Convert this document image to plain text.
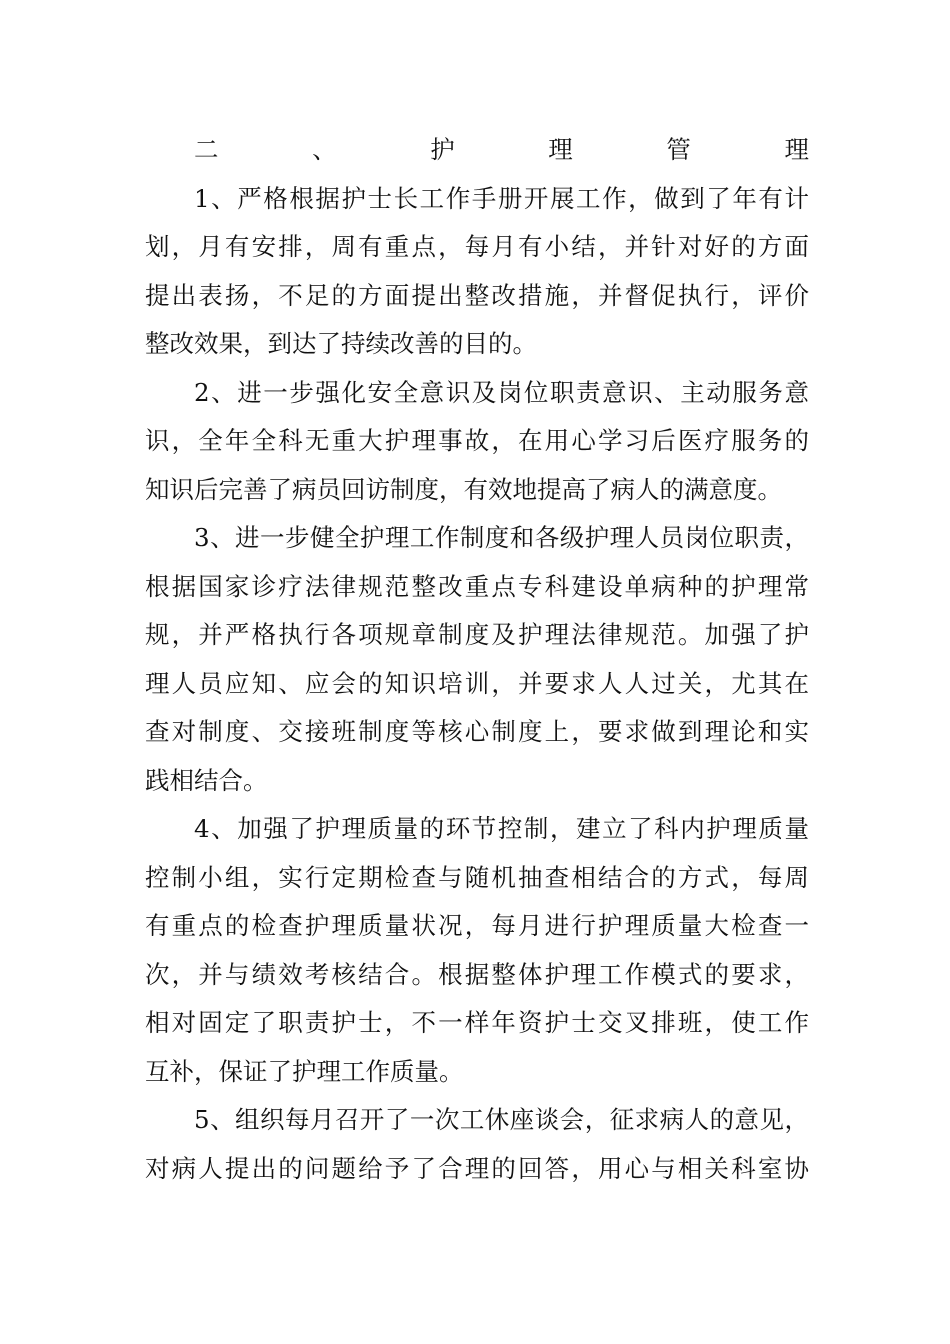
二、护理管理
1、严格根据护士长工作手册开展工作，做到了年有计
划，月有安排，周有重点，每月有小结，并针对好的方面
提出表扬，不足的方面提出整改措施，并督促执行，评价
整改效果，到达了持续改善的目的。
2、进一步强化安全意识及岗位职责意识、主动服务意
识，全年全科无重大护理事故，在用心学习后医疗服务的
知识后完善了病员回访制度，有效地提高了病人的满意度。
3、进一步健全护理工作制度和各级护理人员岗位职责，
根据国家诊疗法律规范整改重点专科建设单病种的护理常
规，并严格执行各项规章制度及护理法律规范。加强了护
理人员应知、应会的知识培训，并要求人人过关，尤其在
查对制度、交接班制度等核心制度上，要求做到理论和实
践相结合。
4、加强了护理质量的环节控制，建立了科内护理质量
控制小组，实行定期检查与随机抽查相结合的方式，每周
有重点的检查护理质量状况，每月进行护理质量大检查一
次，并与绩效考核结合。根据整体护理工作模式的要求，
相对固定了职责护士，不一样年资护士交叉排班，使工作
互补，保证了护理工作质量。
5、组织每月召开了一次工休座谈会，征求病人的意见，
对病人提出的问题给予了合理的回答，用心与相关科室协
